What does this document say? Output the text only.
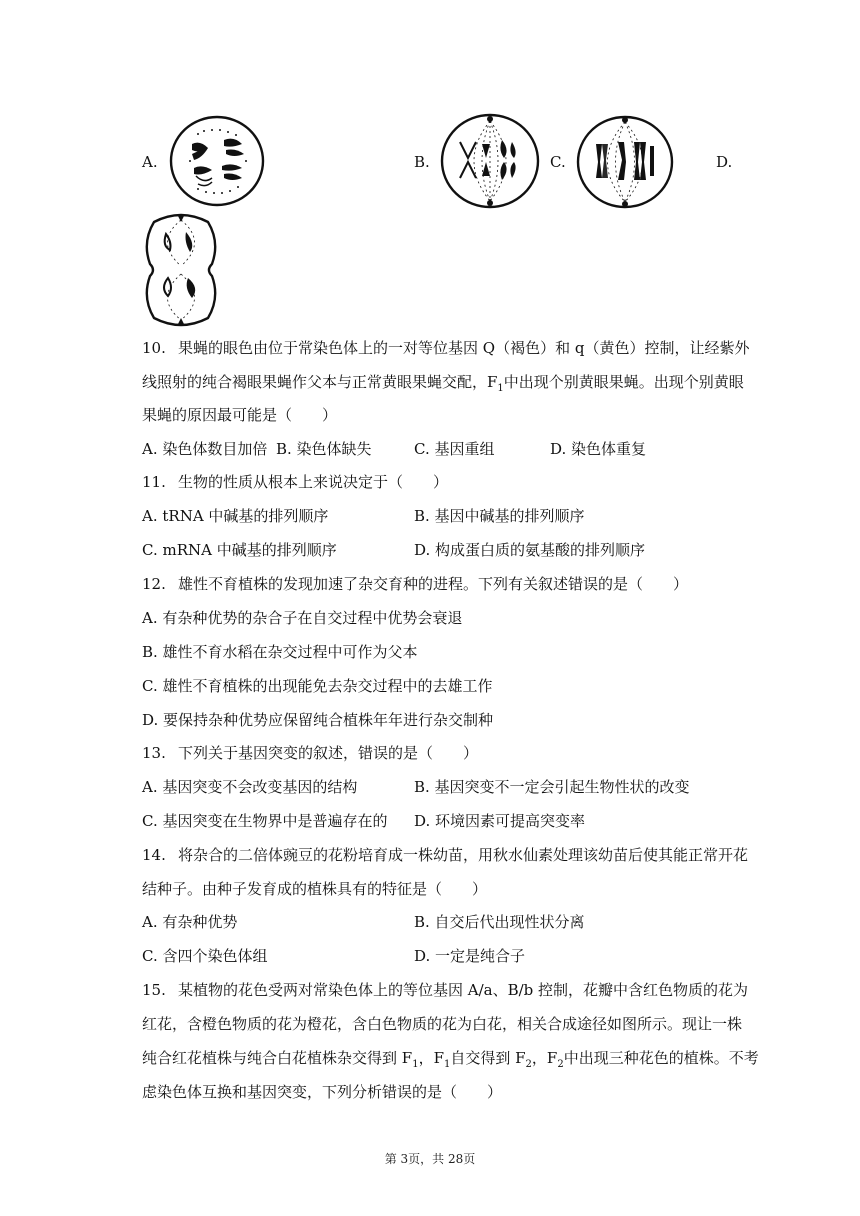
A.	B.	C.	D.
10. 果蝇的眼色由位于常染色体上的一对等位基因 Q（褐色）和 q（黄色）控制，让经紫外
线照射的纯合褐眼果蝇作父本与正常黄眼果蝇交配，$F_1$中出现个别黄眼果蝇。出现个别黄眼
果蝇的原因最可能是（　　）
A. 染色体数目加倍 B. 染色体缺失	C. 基因重组	D. 染色体重复
11. 生物的性质从根本上来说决定于（　　）
A. tRNA 中碱基的排列顺序	B. 基因中碱基的排列顺序
C. mRNA 中碱基的排列顺序	D. 构成蛋白质的氨基酸的排列顺序
12. 雄性不育植株的发现加速了杂交育种的进程。下列有关叙述错误的是（　　）
A. 有杂种优势的杂合子在自交过程中优势会衰退
B. 雄性不育水稻在杂交过程中可作为父本
C. 雄性不育植株的出现能免去杂交过程中的去雄工作
D. 要保持杂种优势应保留纯合植株年年进行杂交制种
13. 下列关于基因突变的叙述，错误的是（　　）
A. 基因突变不会改变基因的结构	B. 基因突变不一定会引起生物性状的改变
C. 基因突变在生物界中是普遍存在的 D. 环境因素可提高突变率
14. 将杂合的二倍体豌豆的花粉培育成一株幼苗，用秋水仙素处理该幼苗后使其能正常开花
结种子。由种子发育成的植株具有的特征是（　　）
A. 有杂种优势	B. 自交后代出现性状分离
C. 含四个染色体组	D. 一定是纯合子
15. 某植物的花色受两对常染色体上的等位基因 A/a、B/b 控制，花瓣中含红色物质的花为
红花，含橙色物质的花为橙花，含白色物质的花为白花，相关合成途径如图所示。现让一株
纯合红花植株与纯合白花植株杂交得到 $F_1$，$F_1$自交得到 $F_2$，$F_2$中出现三种花色的植株。不考
虑染色体互换和基因突变，下列分析错误的是（　　）
第 3页，共 28页
